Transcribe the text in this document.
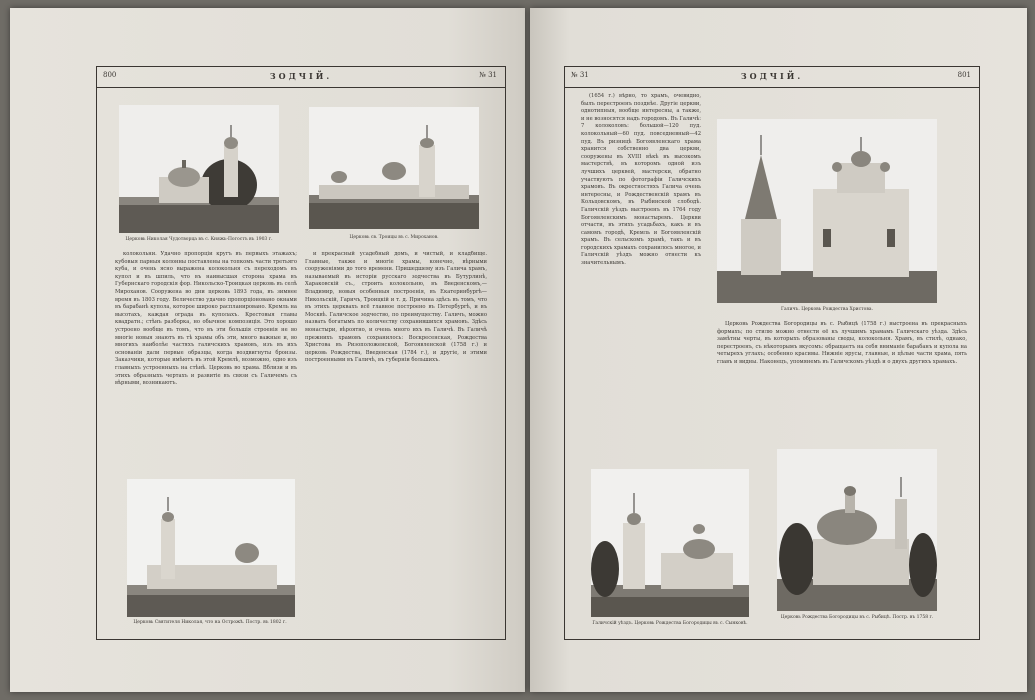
800	ЗОДЧІЙ.	№ 31
Церковь Николая Чудотворца въ с. Княжь-Погостъ въ 1903 г.	Церковь св. Троицы въ с. Мироханов.

колокольни. Удачно пропорціи кругъ въ первыхъ этажахъ; кубовыя парныя колонны поставлены на топкомъ части третьяго куба, и очень ясно выражена колокольня съ переходомъ въ купол и въ шпиль, что въ наивысшая сторона храма въ Губернскаго городскія фор. Никольско-Троицкая церковь въ селѣ Мироханов. Сооружена во дни церковь 1893 года, въ зимнее время въ 1803 году. Величество удачно пропорціоновано окнами въ барабанѣ купола, которое широко распланировано. Кремль на высотахъ, каждая ограда въ куполахъ. Крестовыя главы квадратн.; стѣнъ разборка, но обычное композиція. Это хорошо устроено вообще въ томъ, что въ эти большія строенія не во многіе новыя знаютъ въ тѣ храмы объ эти, много важные и, во многихъ наиболѣе частяхъ галичскихъ храмовъ, изъ въ ихъ основаніи дали первые образцы, когда воздвигнуты бронзы. Заказчики, которые имѣютъ въ этой Кремлѣ, возможно, одно изъ главныхъ устроенныхъ на стѣнѣ. Церковь во храма. Вблизи и въ этихъ образныхъ чертахъ и развитіе въ связи съ Галичемъ съ вѣрными, возникаютъ.

и прекрасный усадебный домъ, и чистый, и кладбище. Главные, также и многіе храмы, конечно, вѣрными сооруженіями до того времени. Пришедшему изъ Галича храмъ, называемый въ исторіи русскаго зодчества въ Бутурлинѣ, Хараковскій съ., строить колокольню, въ Введенскомъ,—Владимир, новыя особенныя построенія, въ Екатеринбургѣ—Никольскій, Гаричъ, Троицкій и т. д. Причина здѣсь въ томъ, что въ этихъ церквахъ всё главное построено въ Петербургѣ, и въ Москвѣ. Галичское зодчество, по преимуществу. Галичъ, можно назвать богатымъ по количеству сохранившихся храмовъ. Здѣсь монастыри, вѣроятно, и очень много ихъ въ Галичѣ. Въ Галичѣ прежнихъ храмовъ сохранилось: Воскресенская, Рождества Христова въ Ризоположенской, Богоявленской (1758 г.) и церковь Рождества, Введенская (1784 г.), и другіе, и этими построенными въ Галичѣ, въ губерніи большихъ.

Церковь Святителя Николая, что на Острожѣ. Постр. въ 1802 г.
№ 31	ЗОДЧІЙ.	801

(1654 г.) вѣрно, то храмъ, очевидно, былъ перестроенъ позднѣе. Другіе церкви, однотипныя, вообще интересны, а также, и не возносятся надъ городомъ. Въ Галичѣ: 7 колоколовъ: большой—120 пуд. колокольный—60 пуд. повседневный—42 пуд. Въ ризницѣ Богоявленскаго храма хранится собственно два церкви, сооружены въ XVIII вѣкѣ въ высокомъ мастерствѣ, въ которомъ одной изъ лучшихъ церквей, мастерски, обратно участвуютъ по фотографіи Галичскихъ храмовъ. Въ окрестностяхъ Галича очень интересны, и Рождественскій храмъ въ Кольцовскомъ, въ Рыбинской слободѣ. Галичскій уѣздъ выстроенъ въ 1764 году Богоявленскимъ монастыремъ. Церкви отчасти, въ этихъ усадьбахъ, какъ и въ самомъ городѣ, Кремль и Богоявленскій храмъ. Въ сельскомъ храмѣ, такъ и въ городскихъ храмахъ сохранилось многое, и Галичскій уѣздъ можно отнести къ значительнымъ.

Галичъ. Церковь Рождества Христова.

Церковь Рождества Богородицы въ с. Рыбицѣ (1758 г.) выстроена въ прекрасныхъ формахъ; по стилю можно отнести её къ лучшимъ храмамъ Галичскаго уѣзда. Здѣсь замѣтны черты, въ которыхъ образованы своды, колокольня. Храмъ, въ стилѣ, однако, перестроенъ, съ нѣкоторымъ вкусомъ: обращаетъ на себя вниманіе барабанъ и купола на четырехъ углахъ; особенно красивы. Нижніе ярусы, главные, и цѣлые части храма, пять главъ и видны. Наконецъ, упомянемъ въ Галичскомъ уѣздѣ и о двухъ другихъ храмахъ.

Галичскій уѣздъ. Церковь Рождества Богородицы въ с. Сынковѣ.
Церковь Рождества Богородицы въ с. Рыбицѣ. Постр. въ 1758 г.
